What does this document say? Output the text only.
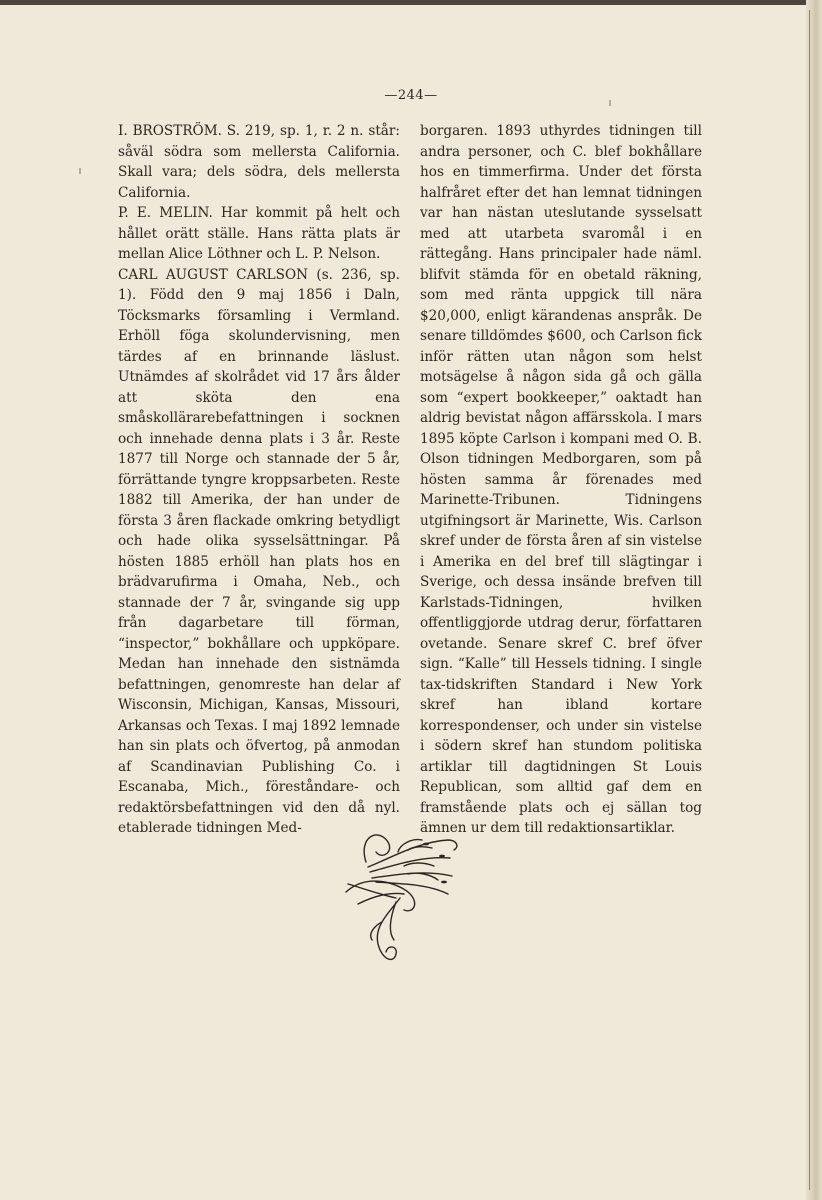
—244—

I. BROSTRÖM. S. 219, sp. 1, r. 2 n. står: såväl södra som mellersta California. Skall vara; dels södra, dels mellersta California.

P. E. MELIN. Har kommit på helt och hållet orätt ställe. Hans rätta plats är mellan Alice Löthner och L. P. Nelson.

CARL AUGUST CARLSON (s. 236, sp. 1). Född den 9 maj 1856 i Daln, Töcksmarks församling i Vermland. Erhöll föga skolundervisning, men tärdes af en brinnande läslust. Utnämdes af skolrådet vid 17 års ålder att sköta den ena småskollärarebefattningen i socknen och innehade denna plats i 3 år. Reste 1877 till Norge och stannade der 5 år, förrättande tyngre kroppsarbeten. Reste 1882 till Amerika, der han under de första 3 åren flackade omkring betydligt och hade olika sysselsättningar. På hösten 1885 erhöll han plats hos en brädvarufirma i Omaha, Neb., och stannade der 7 år, svingande sig upp från dagarbetare till förman, “inspector,” bokhållare och uppköpare. Medan han innehade den sistnämda befattningen, genomreste han delar af Wisconsin, Michigan, Kansas, Missouri, Arkansas och Texas. I maj 1892 lemnade han sin plats och öfvertog, på anmodan af Scandinavian Publishing Co. i Escanaba, Mich., föreståndare- och redaktörsbefattningen vid den då nyl. etablerade tidningen Med-

borgaren. 1893 uthyrdes tidningen till andra personer, och C. blef bokhållare hos en timmerfirma. Under det första halfråret efter det han lemnat tidningen var han nästan uteslutande sysselsatt med att utarbeta svaromål i en rättegång. Hans principaler hade näml. blifvit stämda för en obetald räkning, som med ränta uppgick till nära $20,000, enligt kärandenas anspråk. De senare tilldömdes $600, och Carlson fick inför rätten utan någon som helst motsägelse å någon sida gå och gälla som “expert bookkeeper,” oaktadt han aldrig bevistat någon affärsskola. I mars 1895 köpte Carlson i kompani med O. B. Olson tidningen Medborgaren, som på hösten samma år förenades med Marinette-Tribunen. Tidningens utgifningsort är Marinette, Wis. Carlson skref under de första åren af sin vistelse i Amerika en del bref till slägtingar i Sverige, och dessa insände brefven till Karlstads-Tidningen, hvilken offentliggjorde utdrag derur, författaren ovetande. Senare skref C. bref öfver sign. “Kalle” till Hessels tidning. I single tax-tidskriften Standard i New York skref han ibland kortare korrespondenser, och under sin vistelse i södern skref han stundom politiska artiklar till dagtidningen St Louis Republican, som alltid gaf dem en framstående plats och ej sällan tog ämnen ur dem till redaktionsartiklar.
